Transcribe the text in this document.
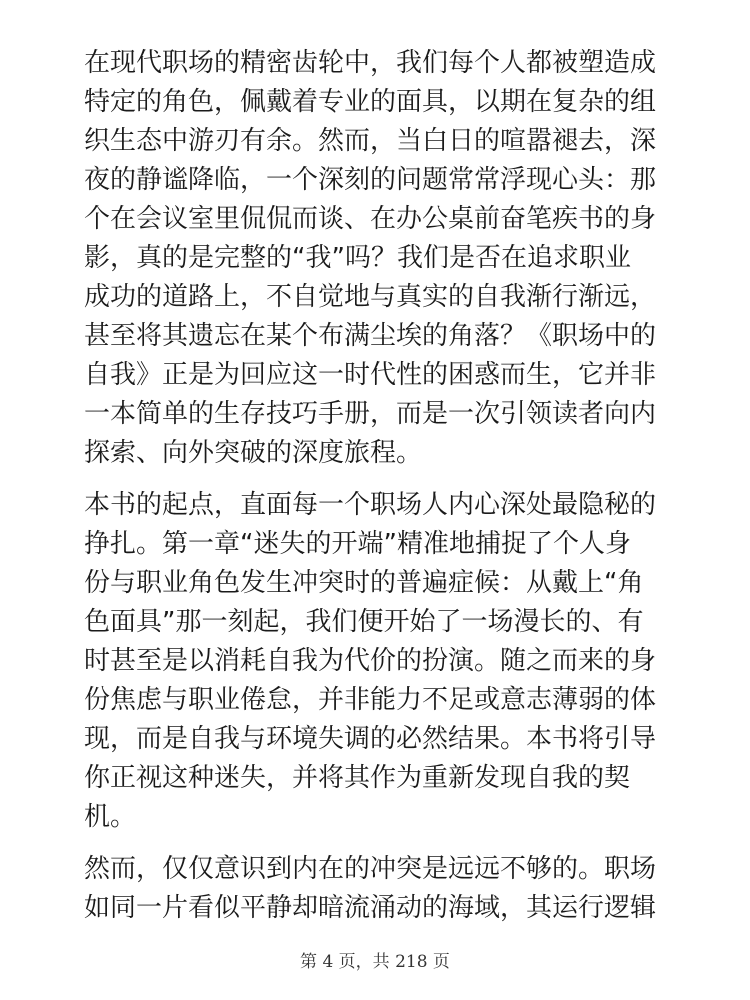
在现代职场的精密齿轮中，我们每个人都被塑造成
特定的角色，佩戴着专业的面具，以期在复杂的组
织生态中游刃有余。然而，当白日的喧嚣褪去，深
夜的静谧降临，一个深刻的问题常常浮现心头：那
个在会议室里侃侃而谈、在办公桌前奋笔疾书的身
影，真的是完整的“我”吗？我们是否在追求职业
成功的道路上，不自觉地与真实的自我渐行渐远，
甚至将其遗忘在某个布满尘埃的角落？《职场中的
自我》正是为回应这一时代性的困惑而生，它并非
一本简单的生存技巧手册，而是一次引领读者向内
探索、向外突破的深度旅程。

本书的起点，直面每一个职场人内心深处最隐秘的
挣扎。第一章“迷失的开端”精准地捕捉了个人身
份与职业角色发生冲突时的普遍症候：从戴上“角
色面具”那一刻起，我们便开始了一场漫长的、有
时甚至是以消耗自我为代价的扮演。随之而来的身
份焦虑与职业倦怠，并非能力不足或意志薄弱的体
现，而是自我与环境失调的必然结果。本书将引导
你正视这种迷失，并将其作为重新发现自我的契
机。

然而，仅仅意识到内在的冲突是远远不够的。职场
如同一片看似平静却暗流涌动的海域，其运行逻辑

第 4 页，共 218 页
